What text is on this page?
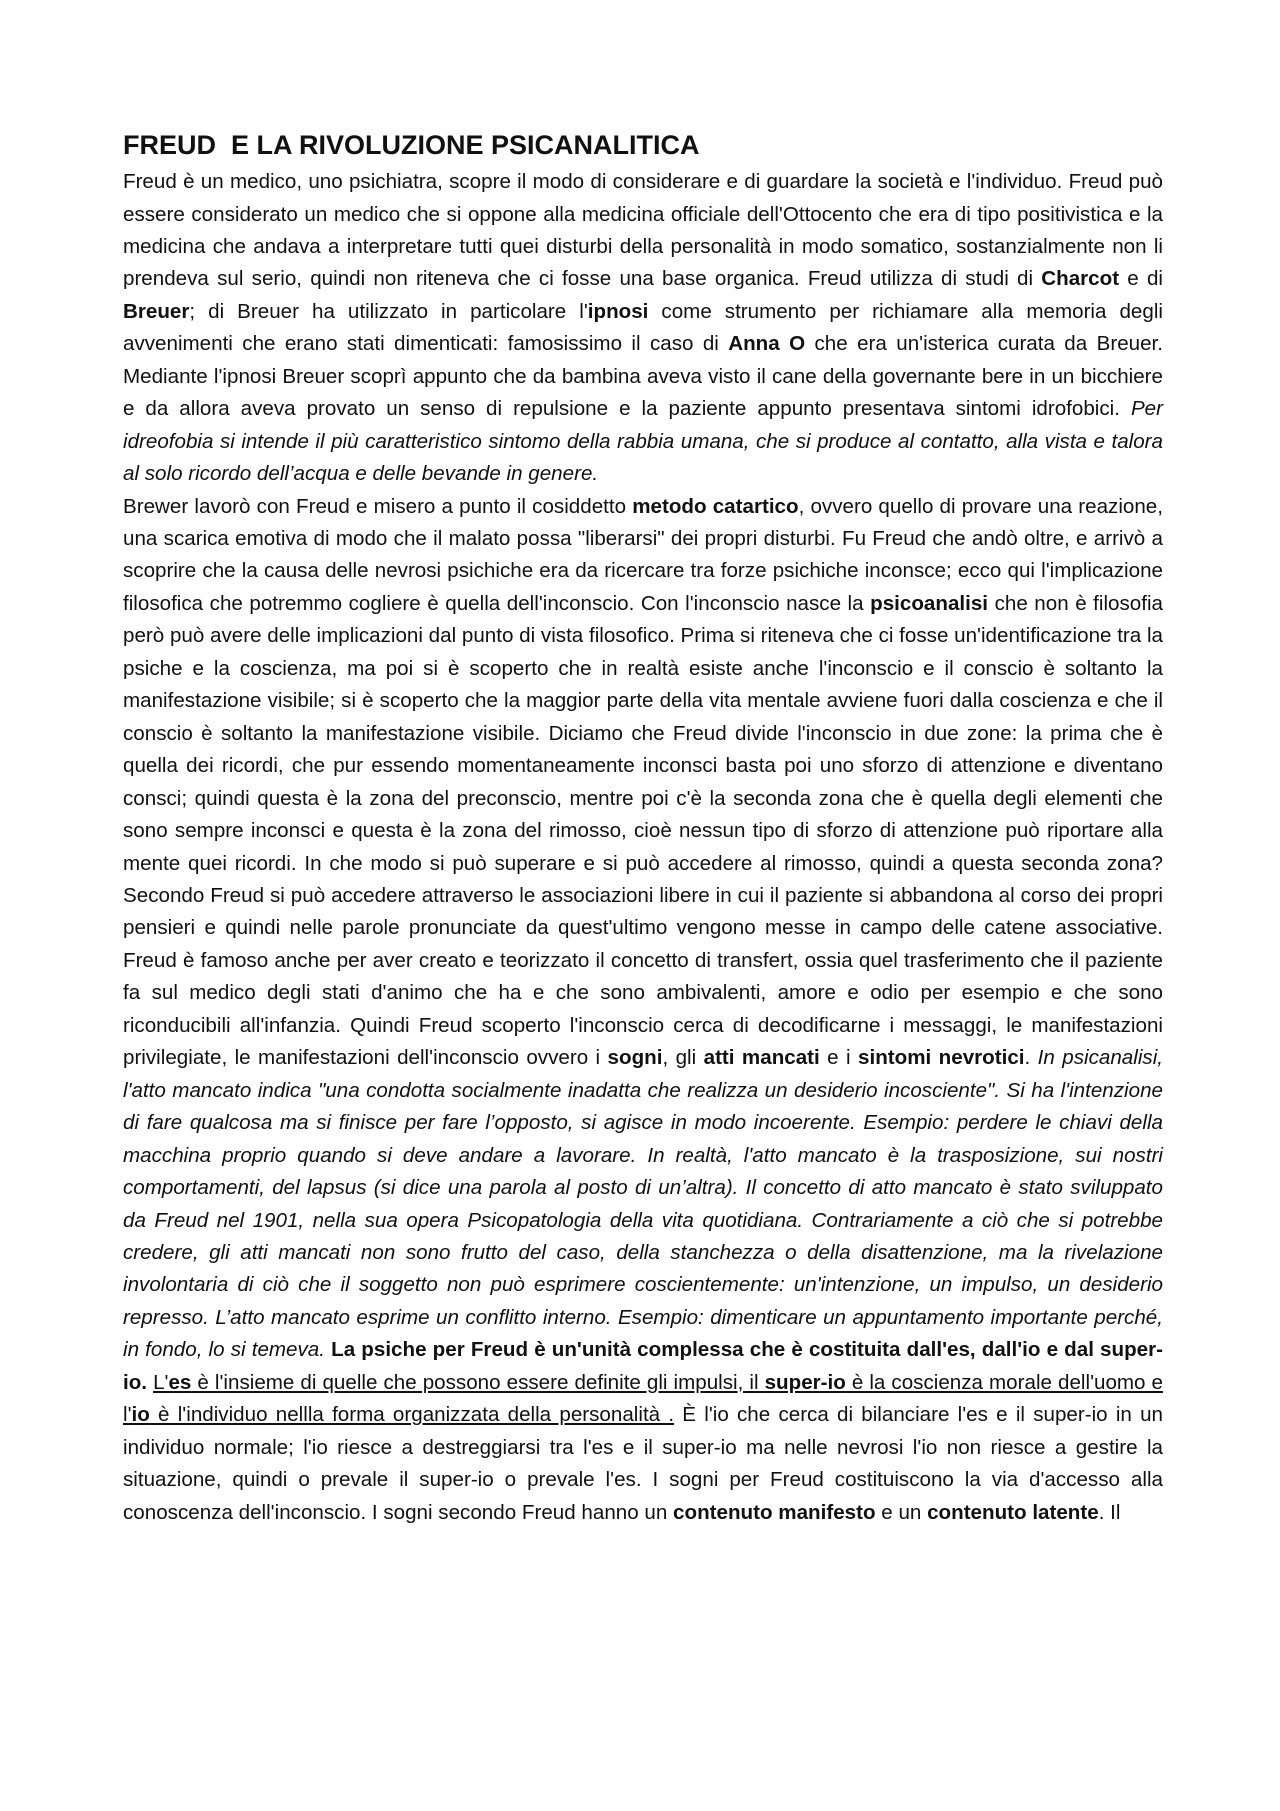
FREUD  E LA RIVOLUZIONE PSICANALITICA

Freud è un medico, uno psichiatra, scopre il modo di considerare e di guardare la società e l'individuo. Freud può essere considerato un medico che si oppone alla medicina officiale dell'Ottocento che era di tipo positivistica e la medicina che andava a interpretare tutti quei disturbi della personalità in modo somatico, sostanzialmente non li prendeva sul serio, quindi non riteneva che ci fosse una base organica. Freud utilizza di studi di Charcot e di Breuer; di Breuer ha utilizzato in particolare l'ipnosi come strumento per richiamare alla memoria degli avvenimenti che erano stati dimenticati: famosissimo il caso di Anna O che era un'isterica curata da Breuer. Mediante l'ipnosi Breuer scoprì appunto che da bambina aveva visto il cane della governante bere in un bicchiere e da allora aveva provato un senso di repulsione e la paziente appunto presentava sintomi idrofobici. Per idreofobia si intende il più caratteristico sintomo della rabbia umana, che si produce al contatto, alla vista e talora al solo ricordo dell’acqua e delle bevande in genere.

Brewer lavorò con Freud e misero a punto il cosiddetto metodo catartico, ovvero quello di provare una reazione, una scarica emotiva di modo che il malato possa "liberarsi" dei propri disturbi. Fu Freud che andò oltre, e arrivò a scoprire che la causa delle nevrosi psichiche era da ricercare tra forze psichiche inconsce; ecco qui l'implicazione filosofica che potremmo cogliere è quella dell'inconscio. Con l'inconscio nasce la psicoanalisi che non è filosofia però può avere delle implicazioni dal punto di vista filosofico. Prima si riteneva che ci fosse un'identificazione tra la psiche e la coscienza, ma poi si è scoperto che in realtà esiste anche l'inconscio e il conscio è soltanto la manifestazione visibile; si è scoperto che la maggior parte della vita mentale avviene fuori dalla coscienza e che il conscio è soltanto la manifestazione visibile. Diciamo che Freud divide l'inconscio in due zone: la prima che è quella dei ricordi, che pur essendo momentaneamente inconsci basta poi uno sforzo di attenzione e diventano consci; quindi questa è la zona del preconscio, mentre poi c'è la seconda zona che è quella degli elementi che sono sempre inconsci e questa è la zona del rimosso, cioè nessun tipo di sforzo di attenzione può riportare alla mente quei ricordi. In che modo si può superare e si può accedere al rimosso, quindi a questa seconda zona? Secondo Freud si può accedere attraverso le associazioni libere in cui il paziente si abbandona al corso dei propri pensieri e quindi nelle parole pronunciate da quest'ultimo vengono messe in campo delle catene associative. Freud è famoso anche per aver creato e teorizzato il concetto di transfert, ossia quel trasferimento che il paziente fa sul medico degli stati d'animo che ha e che sono ambivalenti, amore e odio per esempio e che sono riconducibili all'infanzia. Quindi Freud scoperto l'inconscio cerca di decodificarne i messaggi, le manifestazioni privilegiate, le manifestazioni dell'inconscio ovvero i sogni, gli atti mancati e i sintomi nevrotici. In psicanalisi, l'atto mancato indica "una condotta socialmente inadatta che realizza un desiderio incosciente". Si ha l'intenzione di fare qualcosa ma si finisce per fare l’opposto, si agisce in modo incoerente. Esempio: perdere le chiavi della macchina proprio quando si deve andare a lavorare. In realtà, l'atto mancato è la trasposizione, sui nostri comportamenti, del lapsus (si dice una parola al posto di un’altra). Il concetto di atto mancato è stato sviluppato da Freud nel 1901, nella sua opera Psicopatologia della vita quotidiana. Contrariamente a ciò che si potrebbe credere, gli atti mancati non sono frutto del caso, della stanchezza o della disattenzione, ma la rivelazione involontaria di ciò che il soggetto non può esprimere coscientemente: un'intenzione, un impulso, un desiderio represso. L’atto mancato esprime un conflitto interno. Esempio: dimenticare un appuntamento importante perché, in fondo, lo si temeva. La psiche per Freud è un'unità complessa che è costituita dall'es, dall'io e dal super-io. L'es è l'insieme di quelle che possono essere definite gli impulsi, il super-io è la coscienza morale dell'uomo e l'io è l'individuo nellla forma organizzata della personalità . È l'io che cerca di bilanciare l'es e il super-io in un individuo normale; l'io riesce a destreggiarsi tra l'es e il super-io ma nelle nevrosi l'io non riesce a gestire la situazione, quindi o prevale il super-io o prevale l'es. I sogni per Freud costituiscono la via d'accesso alla conoscenza dell'inconscio. I sogni secondo Freud hanno un contenuto manifesto e un contenuto latente. Il
